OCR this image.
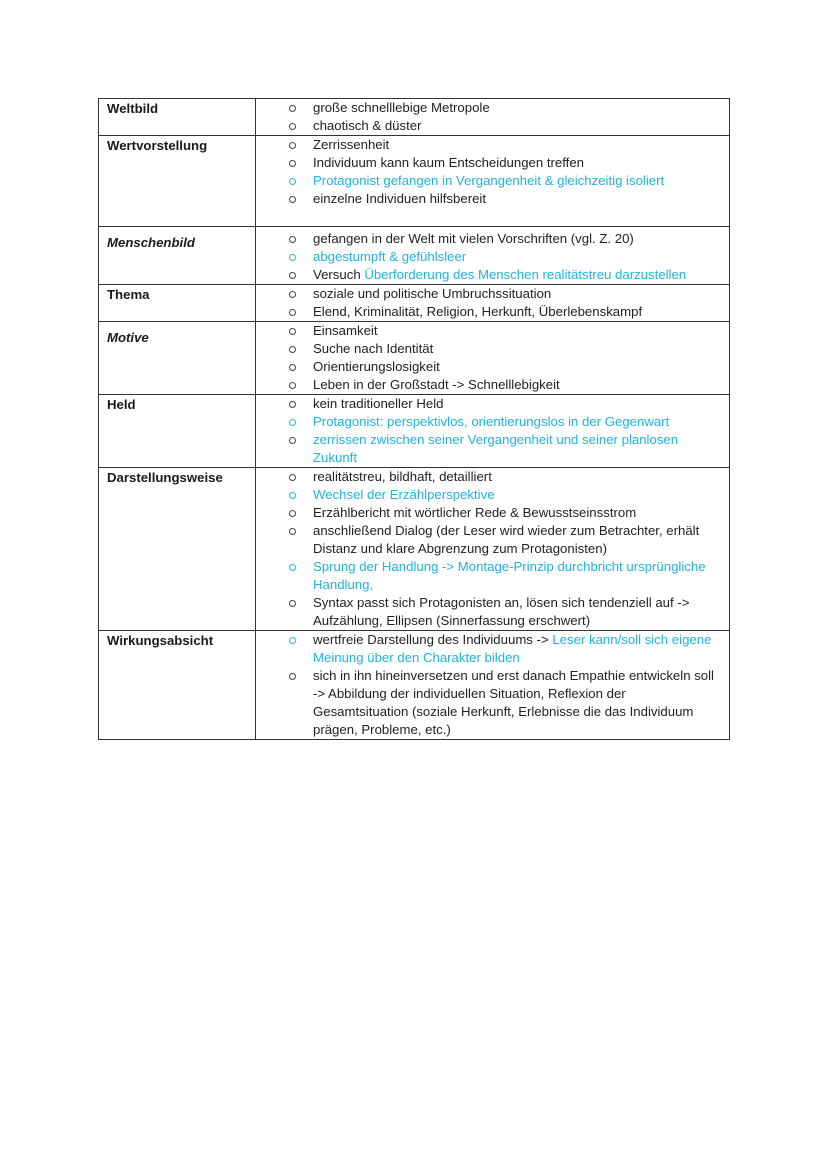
Weltbild	große schnelllebige Metropole
chaotisch & düster

Wertvorstellung	Zerrissenheit
Individuum kann kaum Entscheidungen treffen
Protagonist gefangen in Vergangenheit & gleichzeitig isoliert
einzelne Individuen hilfsbereit

Menschenbild	gefangen in der Welt mit vielen Vorschriften (vgl. Z. 20)
abgestumpft & gefühlsleer
Versuch Überforderung des Menschen realitätstreu darzustellen

Thema	soziale und politische Umbruchssituation
Elend, Kriminalität, Religion, Herkunft, Überlebenskampf

Motive	Einsamkeit
Suche nach Identität
Orientierungslosigkeit
Leben in der Großstadt -> Schnelllebigkeit

Held	kein traditioneller Held
Protagonist: perspektivlos, orientierungslos in der Gegenwart
zerrissen zwischen seiner Vergangenheit und seiner planlosen Zukunft

Darstellungsweise	realitätstreu, bildhaft, detailliert
Wechsel der Erzählperspektive
Erzählbericht mit wörtlicher Rede & Bewusstseinsstrom
anschließend Dialog (der Leser wird wieder zum Betrachter, erhält Distanz und klare Abgrenzung zum Protagonisten)
Sprung der Handlung -> Montage-Prinzip durchbricht ursprüngliche Handlung,
Syntax passt sich Protagonisten an, lösen sich tendenziell auf -> Aufzählung, Ellipsen (Sinnerfassung erschwert)

Wirkungsabsicht	wertfreie Darstellung des Individuums -> Leser kann/soll sich eigene Meinung über den Charakter bilden
sich in ihn hineinversetzen und erst danach Empathie entwickeln soll
-> Abbildung der individuellen Situation, Reflexion der Gesamtsituation (soziale Herkunft, Erlebnisse die das Individuum prägen, Probleme, etc.)
